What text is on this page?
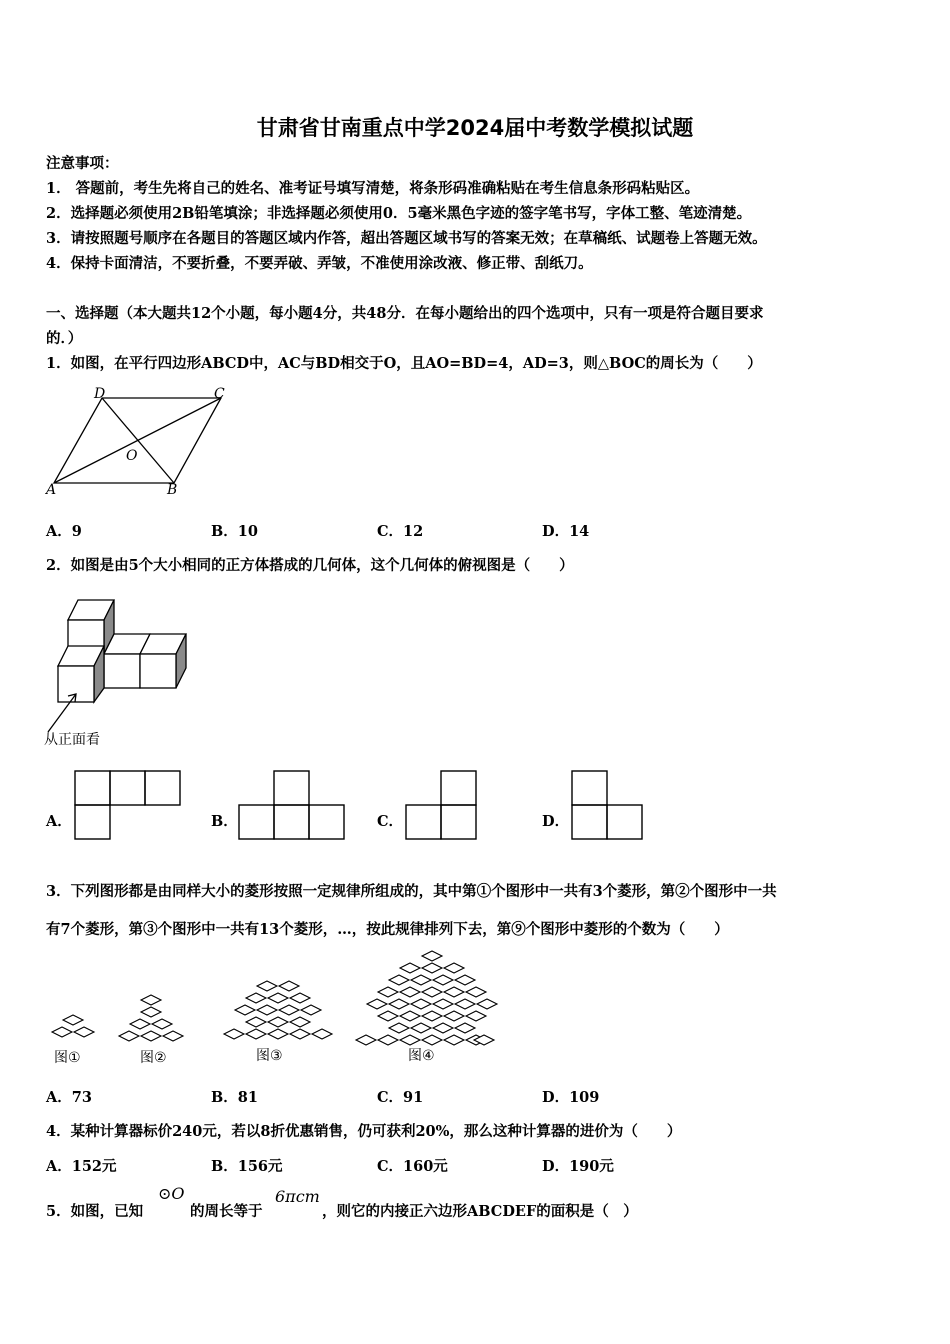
甘肃省甘南重点中学2024届中考数学模拟试题
注意事项：
1． 答题前，考生先将自己的姓名、准考证号填写清楚，将条形码准确粘贴在考生信息条形码粘贴区。
2．选择题必须使用2B铅笔填涂；非选择题必须使用0．5毫米黑色字迹的签字笔书写，字体工整、笔迹清楚。
3．请按照题号顺序在各题目的答题区域内作答，超出答题区域书写的答案无效；在草稿纸、试题卷上答题无效。
4．保持卡面清洁，不要折叠，不要弄破、弄皱，不准使用涂改液、修正带、刮纸刀。
一、选择题（本大题共12个小题，每小题4分，共48分．在每小题给出的四个选项中，只有一项是符合题目要求
的．）
1．如图，在平行四边形ABCD中，AC与BD相交于O，且AO=BD=4，AD=3，则△BOC的周长为（　　）
A	B
C
D
O
A．9	B．10	C．12	D．14
2．如图是由5个大小相同的正方体搭成的几何体，这个几何体的俯视图是（　　）
从正面看
A．	B．	C．	D．
3．下列图形都是由同样大小的菱形按照一定规律所组成的，其中第①个图形中一共有3个菱形，第②个图形中一共
有7个菱形，第③个图形中一共有13个菱形，…，按此规律排列下去，第⑨个图形中菱形的个数为（　　）
图①	图②	图③	图④
A．73	B．81	C．91	D．109
4．某种计算器标价240元，若以8折优惠销售，仍可获利20%，那么这种计算器的进价为（　　）
A．152元	B．156元	C．160元	D．190元
5．如图，已知
⊙O
的周长等于
6πcm
，则它的内接正六边形ABCDEF的面积是（　）
